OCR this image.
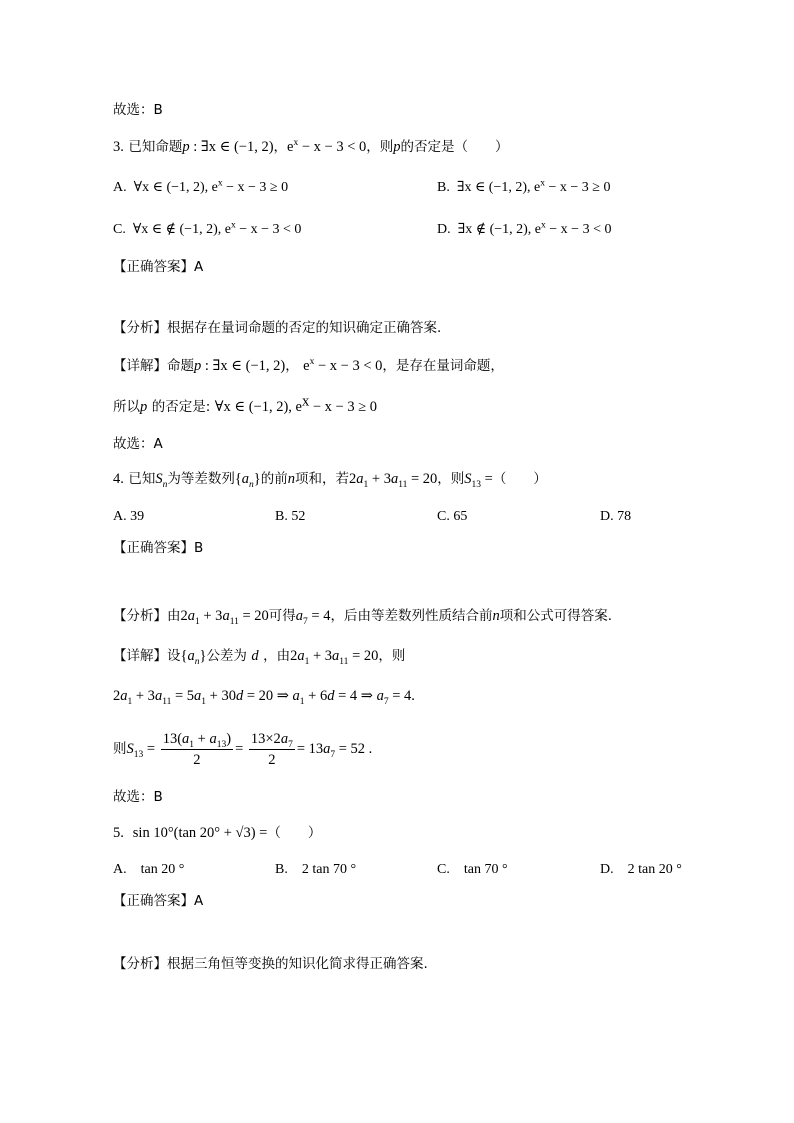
故选：B
3. 已知命题p : ∃x ∈ (−1, 2)，$e^x - x - 3 < 0$，则p的否定是（　　）
A. ∀x ∈ (−1, 2), $e^x - x - 3 \ge 0$	B. ∃x ∈ (−1, 2), $e^x - x - 3 \ge 0$
C. ∀x ∈ ∉ (−1, 2), $e^x - x - 3 < 0$	D. ∃x ∉ (−1, 2), $e^x - x - 3 < 0$
【正确答案】A
【分析】根据存在量词命题的否定的知识确定正确答案.
【详解】命题p : ∃x ∈ (−1, 2)， $e^x - x - 3 < 0$，是存在量词命题，
所以p 的否定是: ∀x ∈ (−1, 2), $e^x - x - 3 \ge 0$
故选：A
4. 已知$S_n$为等差数列$\{a_n\}$的前n项和，若$2a_1 + 3a_{11} = 20$，则$S_{13}$ =（　　）
A. 39	B. 52	C. 65	D. 78
【正确答案】B
【分析】由$2a_1 + 3a_{11} = 20$可得$a_7 = 4$，后由等差数列性质结合前n项和公式可得答案.
【详解】设$\{a_n\}$公差为 d ，由$2a_1 + 3a_{11} = 20$，则
$2a_1 + 3a_{11} = 5a_1 + 30d = 20$ ⇒ $a_1 + 6d = 4$ ⇒ $a_7 = 4$.
则$S_{13} = \frac{13(a_1 + a_{13})}{2} = \frac{13\times 2a_7}{2} = 13a_7 = 52$ .
故选：B
5. sin 10°(tan 20° + √3) =（　　）
A.　tan 20 °	B.　2 tan 70 °	C.　tan 70 °	D.　2 tan 20 °
【正确答案】A
【分析】根据三角恒等变换的知识化简求得正确答案.
